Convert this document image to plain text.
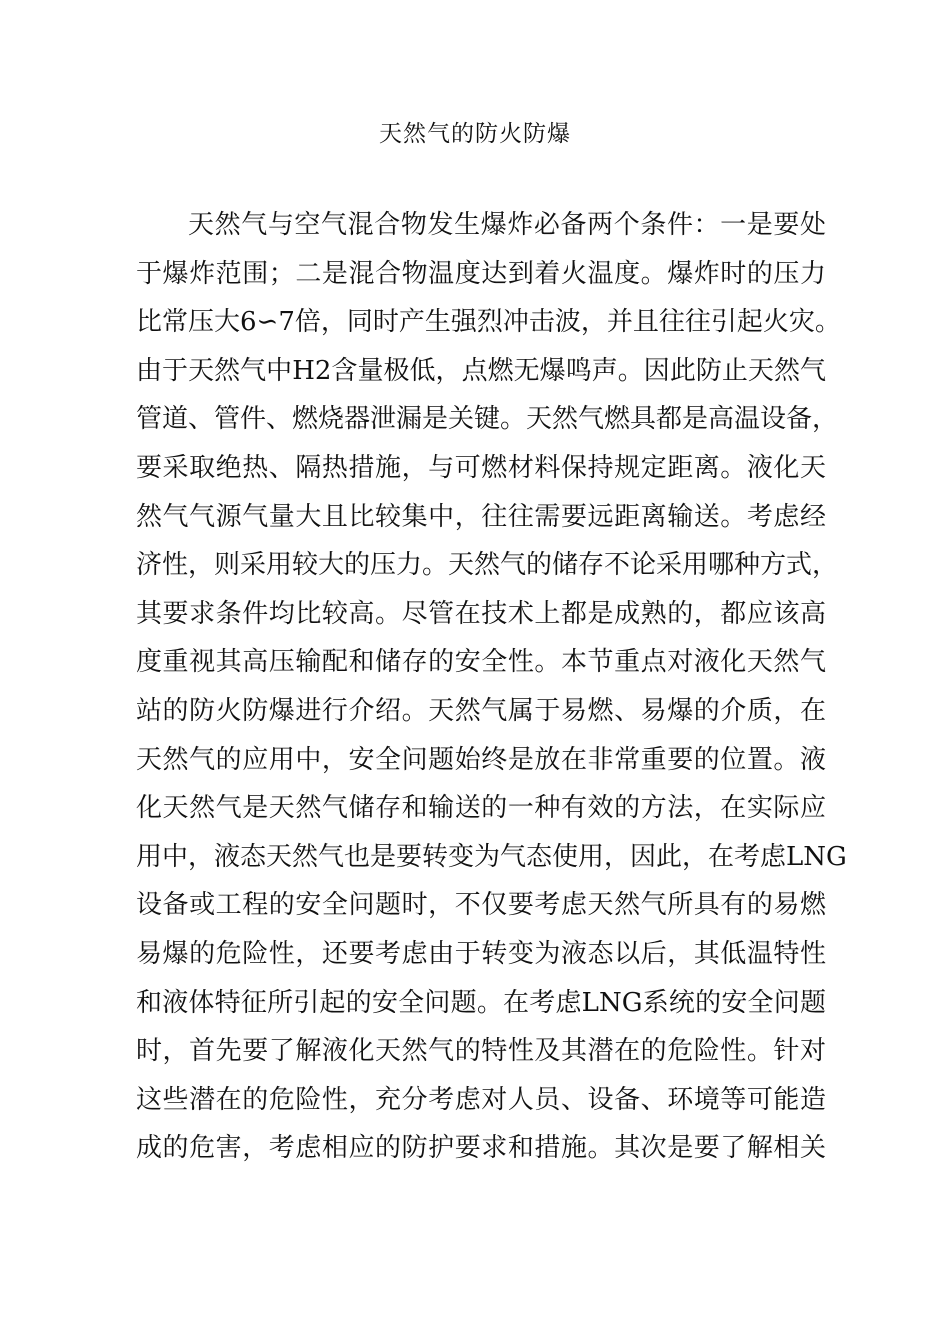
天然气的防火防爆
天然气与空气混合物发生爆炸必备两个条件：一是要处
于爆炸范围；二是混合物温度达到着火温度。爆炸时的压力
比常压大6∽7倍，同时产生强烈冲击波，并且往往引起火灾。
由于天然气中H2含量极低，点燃无爆鸣声。因此防止天然气
管道、管件、燃烧器泄漏是关键。天然气燃具都是高温设备，
要采取绝热、隔热措施，与可燃材料保持规定距离。液化天
然气气源气量大且比较集中，往往需要远距离输送。考虑经
济性，则采用较大的压力。天然气的储存不论采用哪种方式，
其要求条件均比较高。尽管在技术上都是成熟的，都应该高
度重视其高压输配和储存的安全性。本节重点对液化天然气
站的防火防爆进行介绍。天然气属于易燃、易爆的介质，在
天然气的应用中，安全问题始终是放在非常重要的位置。液
化天然气是天然气储存和输送的一种有效的方法，在实际应
用中，液态天然气也是要转变为气态使用，因此，在考虑LNG
设备或工程的安全问题时，不仅要考虑天然气所具有的易燃
易爆的危险性，还要考虑由于转变为液态以后，其低温特性
和液体特征所引起的安全问题。在考虑LNG系统的安全问题
时，首先要了解液化天然气的特性及其潜在的危险性。针对
这些潜在的危险性，充分考虑对人员、设备、环境等可能造
成的危害，考虑相应的防护要求和措施。其次是要了解相关
